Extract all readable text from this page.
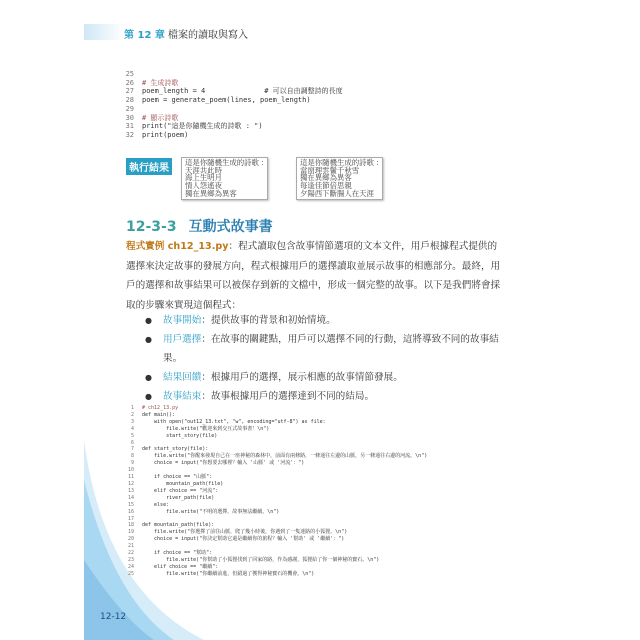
第 12 章 檔案的讀取與寫入
25
26 # 生成詩歌
27 poem_length = 4              # 可以自由調整詩的長度
28 poem = generate_poem(lines, poem_length)
29
30 # 顯示詩歌
31 print("這是你隨機生成的詩歌 : ")
32 print(poem)
執行結果
這是你隨機生成的詩歌 :
天涯共此時
海上生明月
情人怨遙夜
獨在異鄉為異客
這是你隨機生成的詩歌 :
當窗理雲鬢千秋雪
獨在異鄉為異客
每逢佳節倍思親
夕陽西下斷腸人在天涯
12-3-3 互動式故事書
程式實例 ch12_13.py：程式讀取包含故事情節選項的文本文件，用戶根據程式提供的選擇來決定故事的發展方向，程式根據用戶的選擇讀取並展示故事的相應部分。最終，用戶的選擇和故事結果可以被保存到新的文檔中，形成一個完整的故事。以下是我們將會採取的步驟來實現這個程式：
● 故事開始：提供故事的背景和初始情境。
● 用戶選擇：在故事的關鍵點，用戶可以選擇不同的行動，這將導致不同的故事結果。
● 結果回饋：根據用戶的選擇，展示相應的故事情節發展。
● 故事結束：故事根據用戶的選擇達到不同的結局。
1 # ch12_13.py
2 def main():
3    with open("out12_13.txt", "w", encoding="utf-8") as file:
4        file.write("歡迎來到交互式故事書！\n")
5        start_story(file)
6
7 def start_story(file):
8    file.write("你醒來發現自己在一座神秘的森林中，前面有兩條路，一條通往左邊的山脈，另一條通往右邊的河流。\n")
9    choice = input("你想要去哪裡？輸入 '山脈' 或 '河流'：")
10
11    if choice == "山脈":
12        mountain_path(file)
13    elif choice == "河流":
14        river_path(file)
15    else:
16        file.write("不明的選擇，故事無法繼續。\n")
17
18 def mountain_path(file):
19    file.write("你選擇了前往山脈，爬了幾小時後，你遇到了一隻迷路的小狐狸。\n")
20    choice = input("你決定幫助它還是繼續你的旅程？輸入 '幫助' 或 '繼續'：")
21
22    if choice == "幫助":
23        file.write("你幫助了小狐狸找到了回家的路，作為感謝，狐狸給了你一個神秘的寶石。\n")
24    elif choice == "繼續":
25        file.write("你繼續前進，但錯過了獲得神秘寶石的機會。\n")
12-12
